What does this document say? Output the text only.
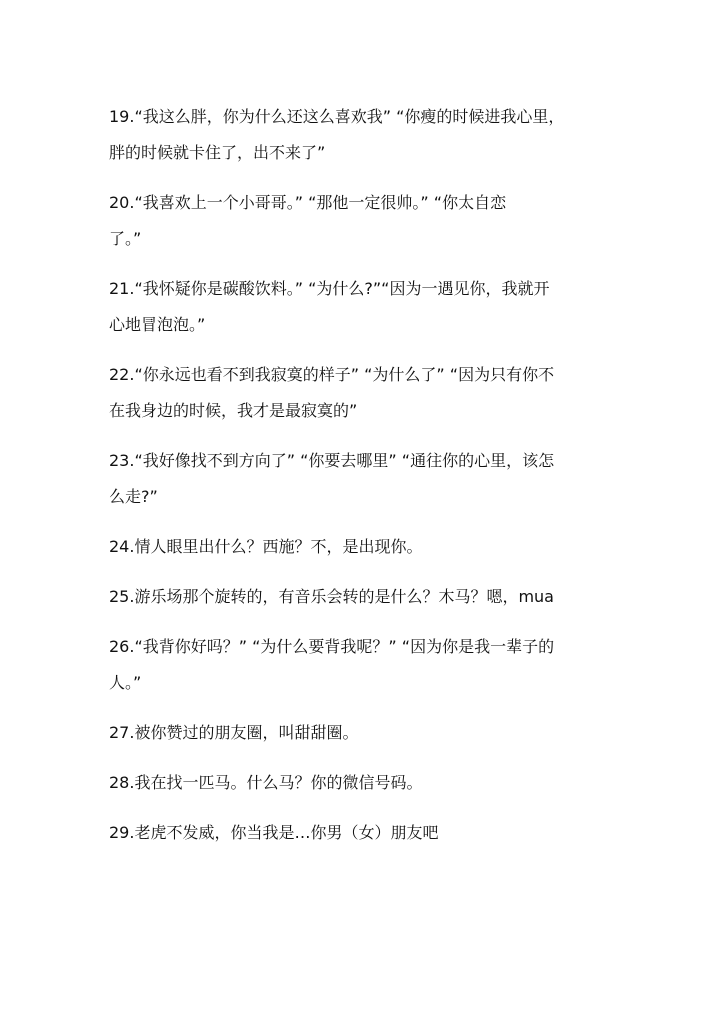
19.“我这么胖，你为什么还这么喜欢我” “你瘦的时候进我心里，
胖的时候就卡住了，出不来了”
20.“我喜欢上一个小哥哥。” “那他一定很帅。” “你太自恋
了。”
21.“我怀疑你是碳酸饮料。” “为什么?”“因为一遇见你，我就开
心地冒泡泡。”
22.“你永远也看不到我寂寞的样子” “为什么了” “因为只有你不
在我身边的时候，我才是最寂寞的”
23.“我好像找不到方向了” “你要去哪里” “通往你的心里，该怎
么走?”
24.情人眼里出什么？西施？不，是出现你。
25.游乐场那个旋转的，有音乐会转的是什么？木马？嗯，mua
26.“我背你好吗？” “为什么要背我呢？” “因为你是我一辈子的
人。”
27.被你赞过的朋友圈，叫甜甜圈。
28.我在找一匹马。什么马？你的微信号码。
29.老虎不发威，你当我是…你男（女）朋友吧
